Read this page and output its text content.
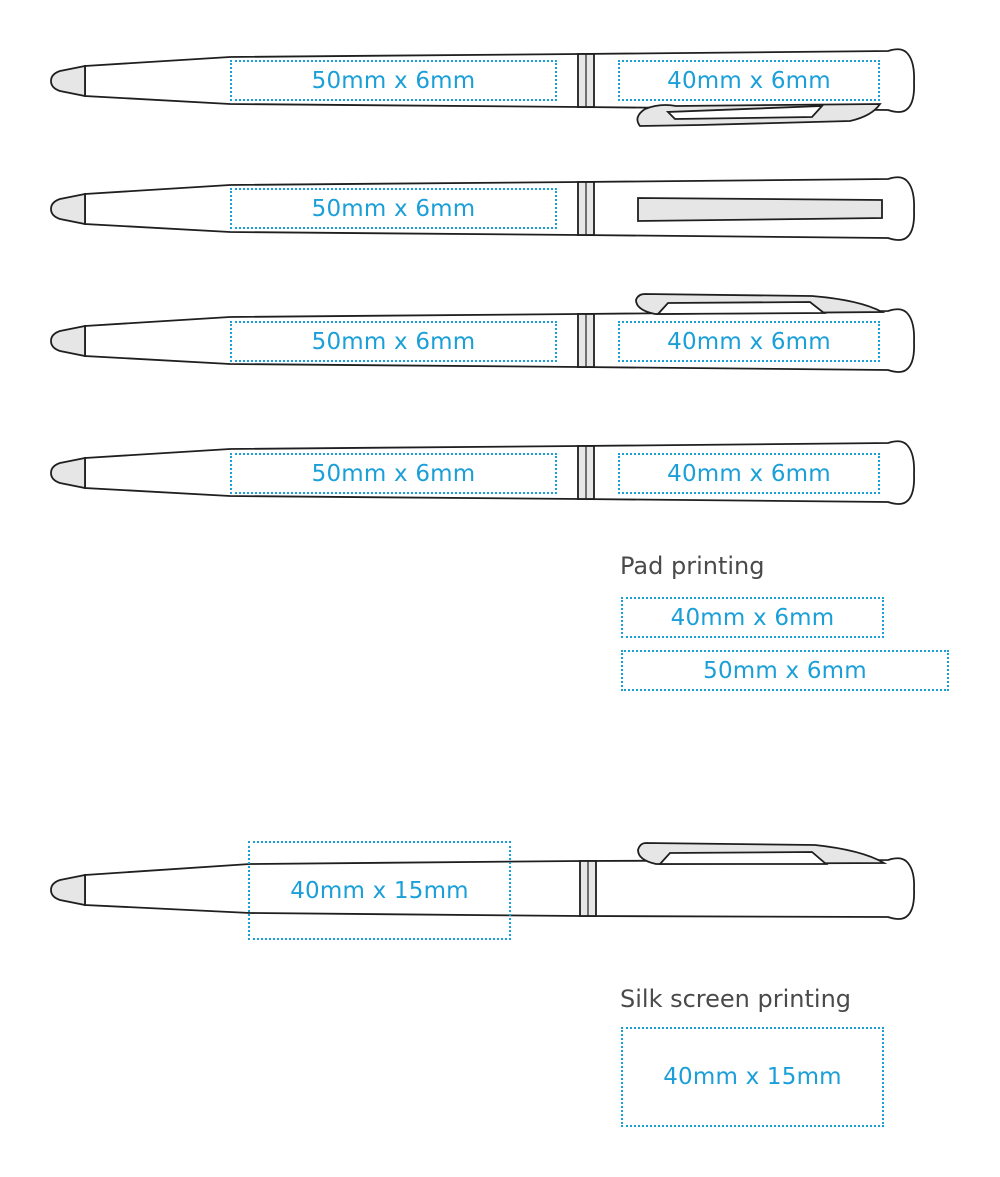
50mm x 6mm	40mm x 6mm
50mm x 6mm
50mm x 6mm	40mm x 6mm
50mm x 6mm	40mm x 6mm
Pad printing
40mm x 6mm
50mm x 6mm
40mm x 15mm
Silk screen printing
40mm x 15mm
